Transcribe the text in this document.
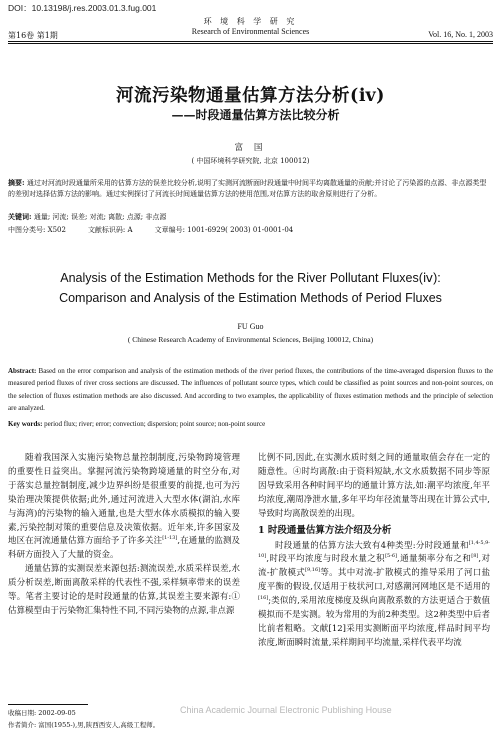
DOI：10.13198/j.res.2003.01.3.fug.001
环 境 科 学 研 究
Research of Environmental Sciences
第16卷 第1期	Vol. 16, No. 1, 2003
河流污染物通量估算方法分析(ⅳ)
——时段通量估算方法比较分析
富 国
( 中国环境科学研究院, 北京 100012)
摘要: 通过对河流时段通量所采用的估算方法的误差比较分析,说明了实测河流断面时段通量中时间平均离散通量的贡献;并讨论了污染源的点源、非点源类型的差别对选择估算方法的影响。通过实例探讨了河流长时间通量估算方法的使用范围,对估算方法的取舍原则进行了分析。
关键词: 通量; 河流; 误差; 对流; 离散; 点源; 非点源
中图分类号: X502	文献标识码: A	文章编号: 1001-6929( 2003) 01-0001-04
Analysis of the Estimation Methods for the River Pollutant Fluxes(ⅳ):
Comparison and Analysis of the Estimation Methods of Period Fluxes
FU Guo
( Chinese Research Academy of Environmental Sciences, Beijing 100012, China)
Abstract: Based on the error comparison and analysis of the estimation methods of the river period fluxes, the contributions of the time-averaged dispersion fluxes to the measured period fluxes of river cross sections are discussed. The influences of pollutant source types, which could be classified as point sources and non-point sources, on the selection of fluxes estimation methods are also discussed. And according to two examples, the applicability of fluxes estimation methods and the principle of selection are analyzed.
Key words: period flux; river; error; convection; dispersion; point source; non-point source

随着我国深入实施污染物总量控制制度,污染物跨境管理的重要性日益突出。掌握河流污染物跨境通量的时空分布,对于落实总量控制制度,减少边界纠纷是很重要的前提,也可为污染治理决策提供依据;此外,通过河流进入大型水体(湖泊,水库与海湾)的污染物的输入通量,也是大型水体水质模拟的输入要素,污染控制对策的重要信息及决策依据。近年来,许多国家及地区在河流通量估算方面给予了许多关注[1-13],在通量的监测及科研方面投入了大量的资金。

通量估算的实测误差来源包括:测流误差,水质采样误差,水质分析误差,断面离散采样的代表性不强,采样频率带来的误差等。笔者主要讨论的是时段通量的估算,其误差主要来源有:① 估算模型由于污染物汇集特性不同,不同污染物的点源,非点源

比例不同,因此,在实测水质时刻之间的通量取值会存在一定的随意性。④时均离散:由于资料短缺,水文水质数据不同步等原因导致采用各种时间平均的通量计算方法,如:潮平均浓度,年平均浓度,潮周净泄水量,多年平均年径流量等出现在计算公式中,导致时均离散误差的出现。

1 时段通量估算方法介绍及分析

时段通量的估算方法大致有4种类型:分时段通量和[1,4-5,9-10],时段平均浓度与时段水量之积[5-6],通量频率分布之和[8],对流-扩散模式[9,16]等。其中对流-扩散模式的推导采用了河口盐度平衡的假设,仅适用于枝状河口,对感潮河网地区是不适用的[16];类似的,采用浓度梯度及纵向离散系数的方法更适合于数值模拟而不是实测。较为常用的为前2种类型。这2种类型中后者比前者粗略。文献[12]采用实测断面平均浓度,样品时间平均浓度,断面瞬时流量,采样期间平均流量,采样代表平均流

收稿日期: 2002-09-05
作者简介: 富国(1955-),男,陕西西安人,高级工程师。
China Academic Journal Electronic Publishing House
